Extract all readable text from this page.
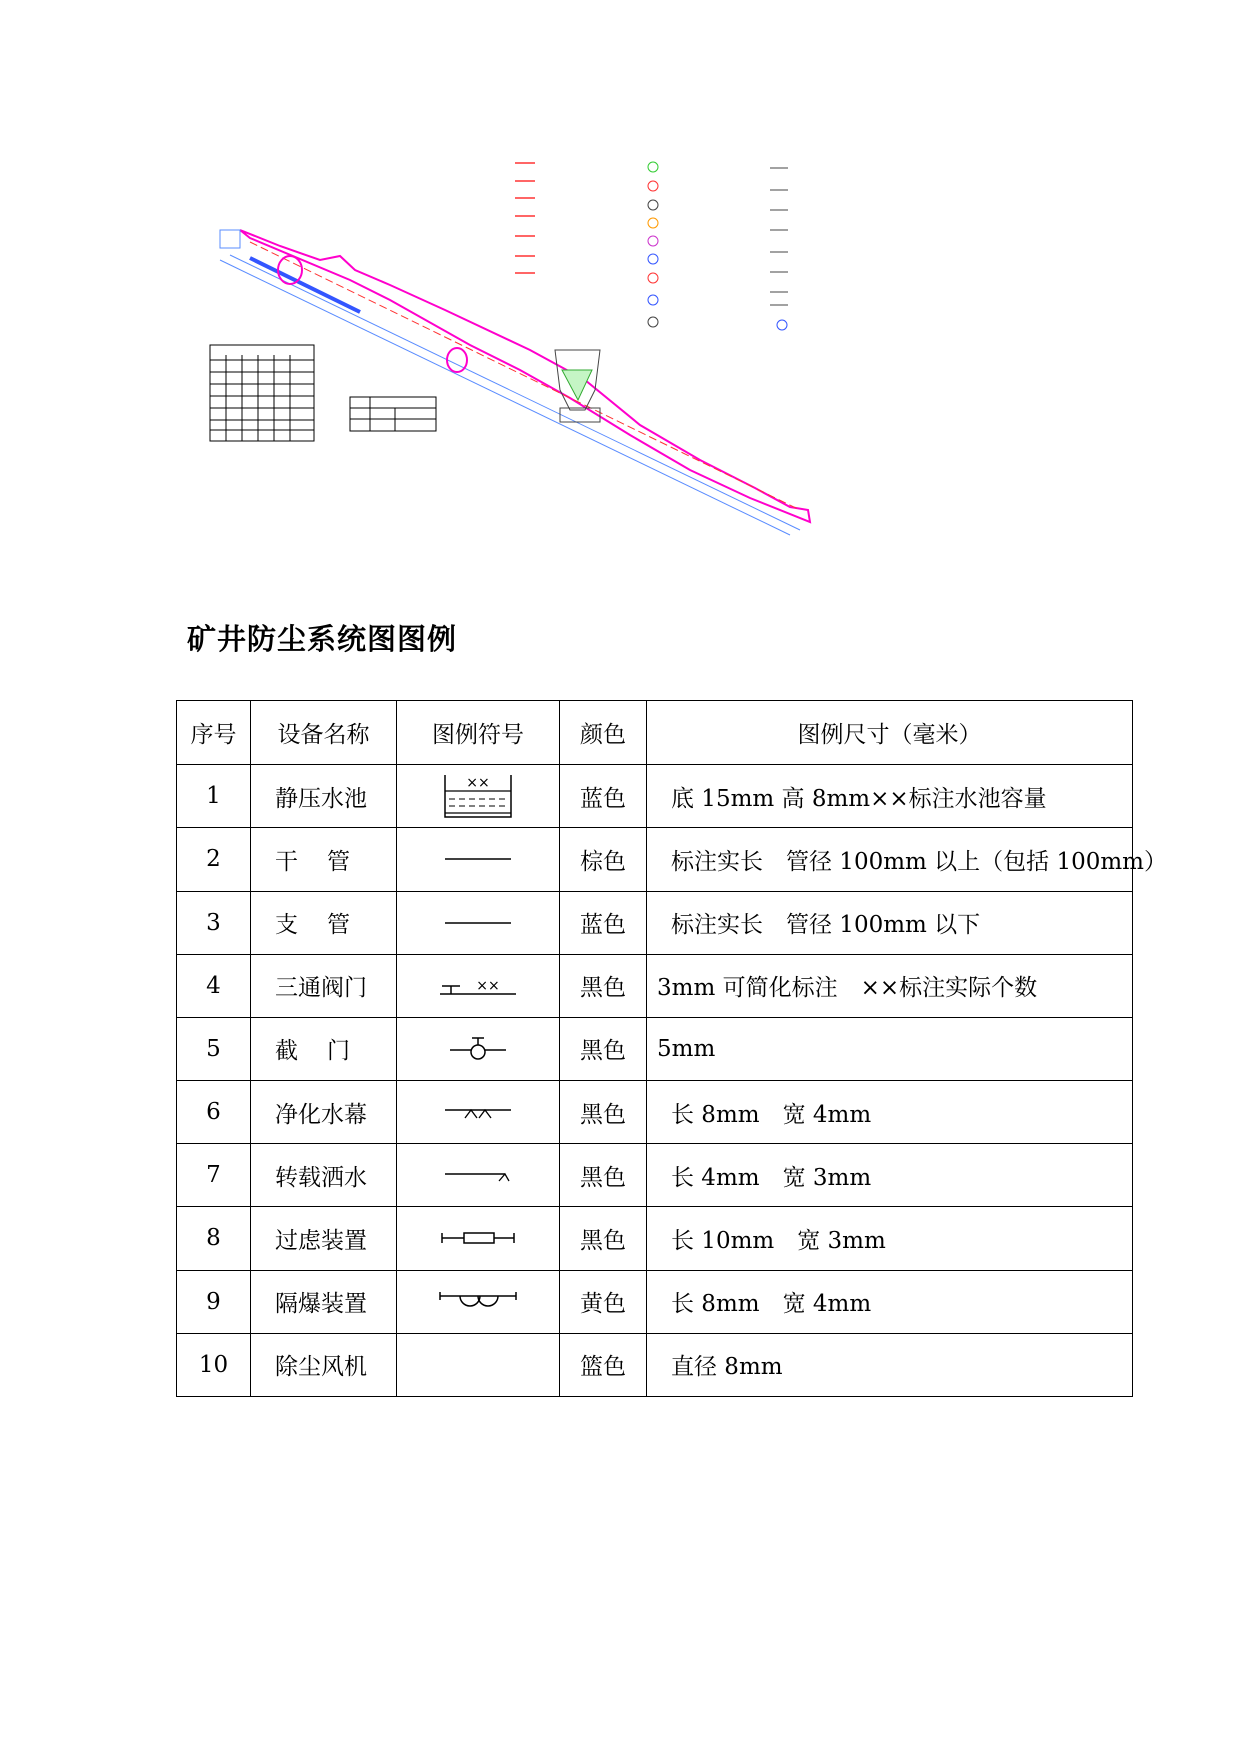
矿井防尘系统图图例
序号	设备名称	图例符号	颜色	图例尺寸（毫米）
1	静压水池	××	蓝色	底 15mm 高 8mm××标注水池容量
2	干管		棕色	标注实长　管径 100mm 以上（包括 100mm）
3	支管		蓝色	标注实长　管径 100mm 以下
4	三通阀门	××	黑色	3mm 可简化标注　××标注实际个数
5	截门		黑色	5mm
6	净化水幕		黑色	长 8mm　宽 4mm
7	转载洒水		黑色	长 4mm　宽 3mm
8	过虑装置		黑色	长 10mm　宽 3mm
9	隔爆装置		黄色	长 8mm　宽 4mm
10	除尘风机		篮色	直径 8mm
